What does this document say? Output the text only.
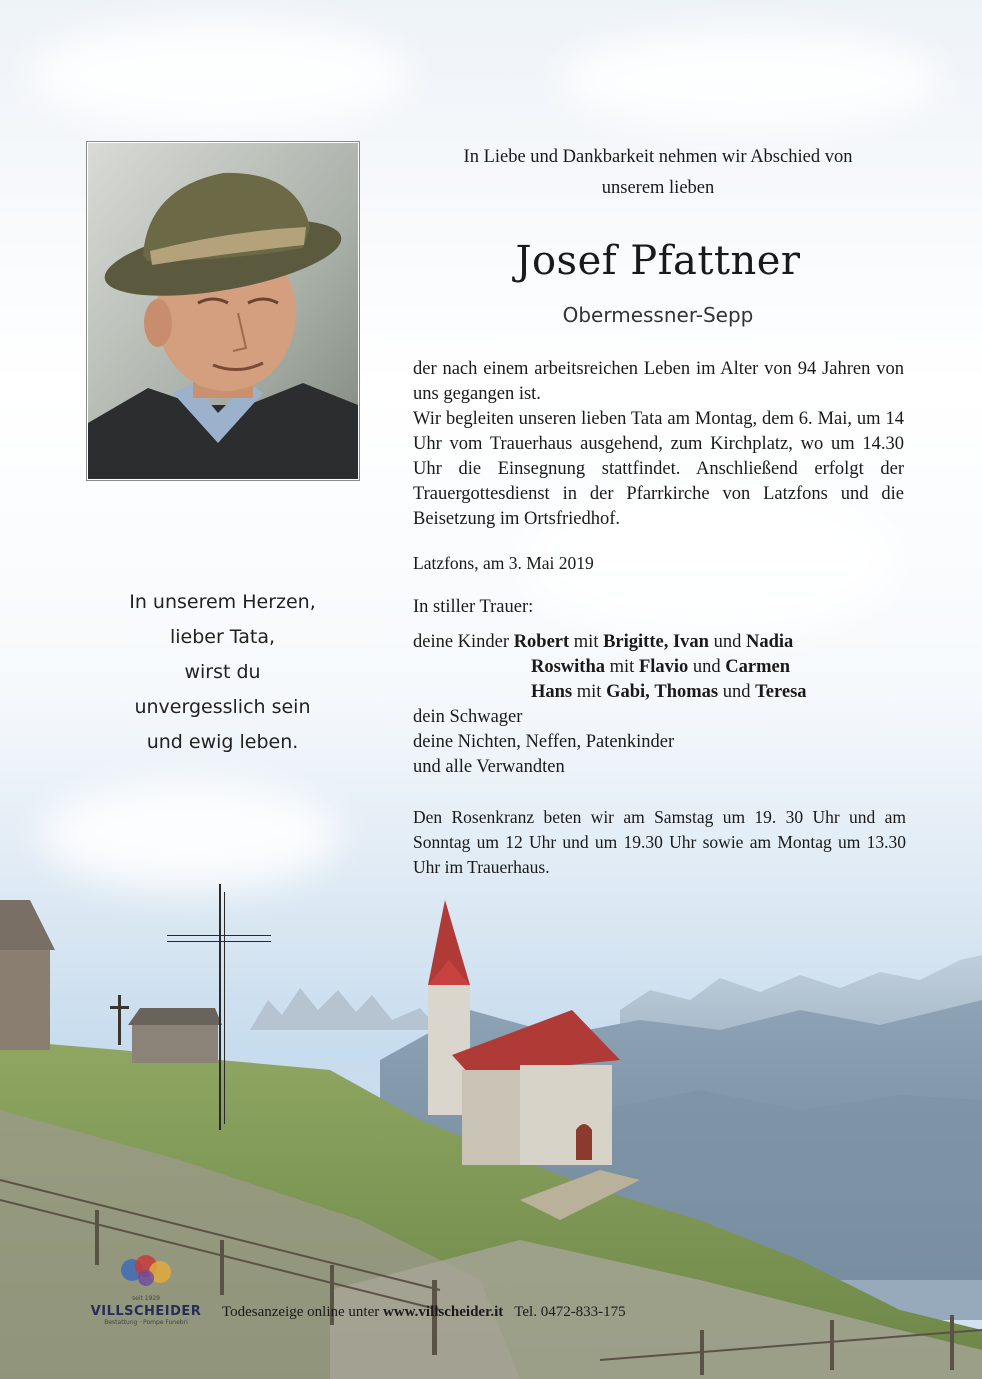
In Liebe und Dankbarkeit nehmen wir Abschied von
unserem lieben
Josef Pfattner
Obermessner-Sepp

der nach einem arbeitsreichen Leben im Alter von 94 Jahren von uns gegangen ist.

Wir begleiten unseren lieben Tata am Montag, dem 6. Mai, um 14 Uhr vom Trauerhaus ausgehend, zum Kirchplatz, wo um 14.30 Uhr die Einsegnung stattfindet. Anschließend erfolgt der Trauergottesdienst in der Pfarrkirche von Latzfons und die Beisetzung im Ortsfriedhof.

Latzfons, am 3. Mai 2019
In stiller Trauer:
deine Kinder Robert mit Brigitte, Ivan und Nadia
Roswitha mit Flavio und Carmen
Hans mit Gabi, Thomas und Teresa
dein Schwager
deine Nichten, Neffen, Patenkinder
und alle Verwandten
Den Rosenkranz beten wir am Samstag um 19. 30 Uhr und am Sonntag um 12 Uhr und um 19.30 Uhr sowie am Montag um 13.30 Uhr im Trauerhaus.
In unserem Herzen,
lieber Tata,
wirst du
unvergesslich sein
und ewig leben.
seit 1929
VILLSCHEIDER
Bestattung · Pompe Funebri
Todesanzeige online unter www.villscheider.it Tel. 0472-833-175
